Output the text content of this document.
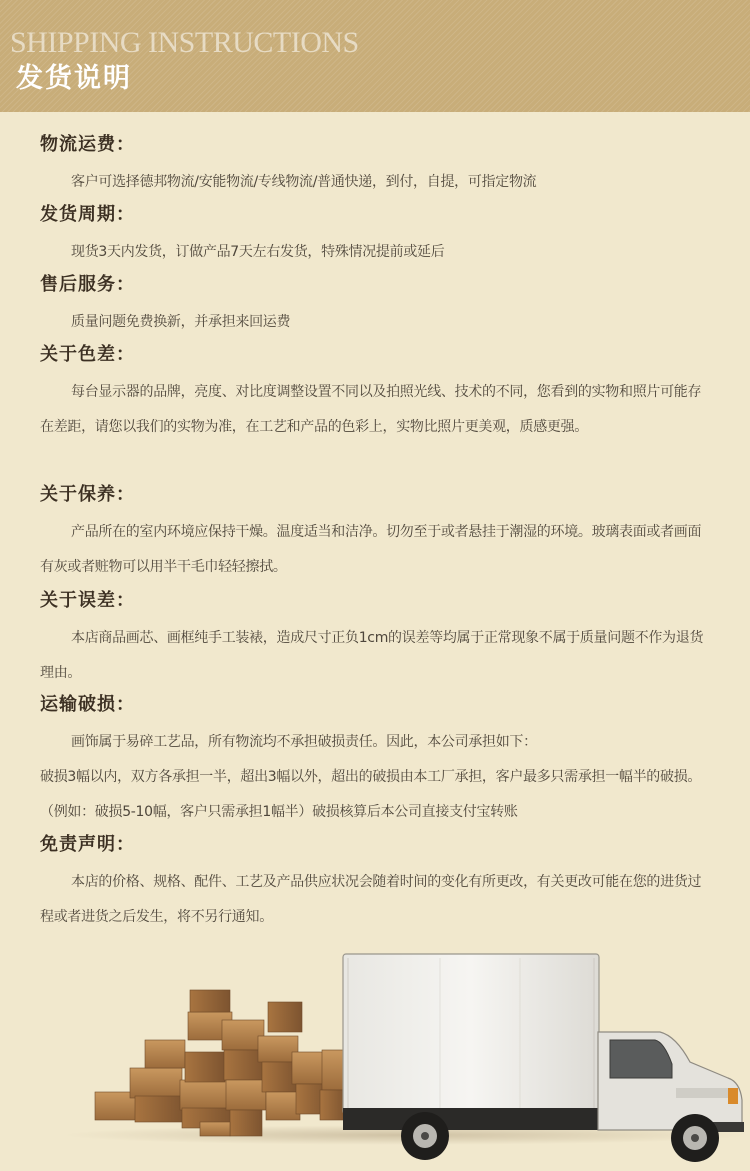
SHIPPING INSTRUCTIONS
发货说明
物流运费：
客户可选择德邦物流/安能物流/专线物流/普通快递，到付，自提，可指定物流
发货周期：
现货3天内发货，订做产品7天左右发货，特殊情况提前或延后
售后服务：
质量问题免费换新，并承担来回运费
关于色差：
每台显示器的品牌，亮度、对比度调整设置不同以及拍照光线、技术的不同，您看到的实物和照片可能存在差距，请您以我们的实物为准，在工艺和产品的色彩上，实物比照片更美观，质感更强。
关于保养：
产品所在的室内环境应保持干燥。温度适当和洁净。切勿至于或者悬挂于潮湿的环境。玻璃表面或者画面有灰或者赃物可以用半干毛巾轻轻擦拭。
关于误差：
本店商品画芯、画框纯手工装裱，造成尺寸正负1cm的误差等均属于正常现象不属于质量问题不作为退货理由。
运输破损：
画饰属于易碎工艺品，所有物流均不承担破损责任。因此，本公司承担如下：
破损3幅以内，双方各承担一半，超出3幅以外，超出的破损由本工厂承担，客户最多只需承担一幅半的破损。（例如：破损5-10幅，客户只需承担1幅半）破损核算后本公司直接支付宝转账
免责声明：
本店的价格、规格、配件、工艺及产品供应状况会随着时间的变化有所更改，有关更改可能在您的进货过程或者进货之后发生，将不另行通知。
